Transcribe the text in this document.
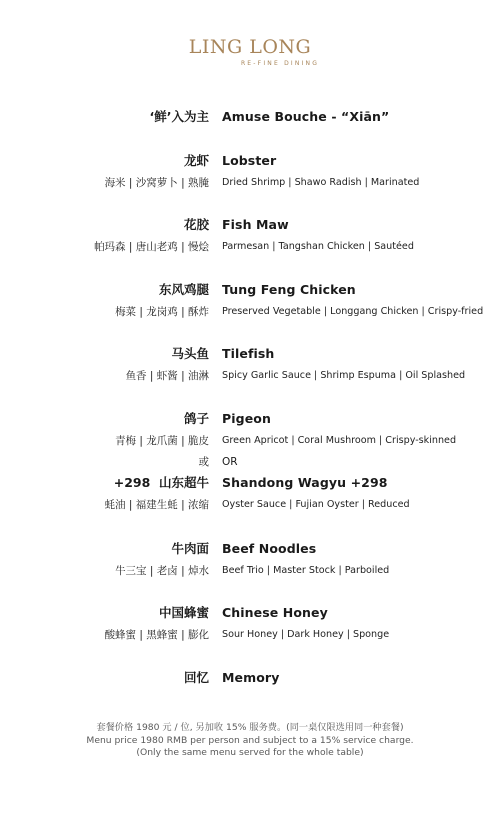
LING LONG
RE-FINE DINING
‘鲜’入为主 Amuse Bouche - “Xiān”
龙虾 Lobster
海米 | 沙窝萝卜 | 熟腌 Dried Shrimp | Shawo Radish | Marinated
花胶 Fish Maw
帕玛森 | 唐山老鸡 | 慢烩 Parmesan | Tangshan Chicken | Sautéed
东风鸡腿 Tung Feng Chicken
梅菜 | 龙岗鸡 | 酥炸 Preserved Vegetable | Longgang Chicken | Crispy-fried
马头鱼 Tilefish
鱼香 | 虾酱 | 油淋 Spicy Garlic Sauce | Shrimp Espuma | Oil Splashed
鸽子 Pigeon
青梅 | 龙爪菌 | 脆皮 Green Apricot | Coral Mushroom | Crispy-skinned
或 OR
+298  山东超牛 Shandong Wagyu +298
蚝油 | 福建生蚝 | 浓缩 Oyster Sauce | Fujian Oyster | Reduced
牛肉面 Beef Noodles
牛三宝 | 老卤 | 焯水 Beef Trio | Master Stock | Parboiled
中国蜂蜜 Chinese Honey
酸蜂蜜 | 黑蜂蜜 | 膨化 Sour Honey | Dark Honey | Sponge
回忆 Memory
套餐价格 1980 元 / 位, 另加收 15% 服务费。(同一桌仅限选用同一种套餐)
Menu price 1980 RMB per person and subject to a 15% service charge.
(Only the same menu served for the whole table)
